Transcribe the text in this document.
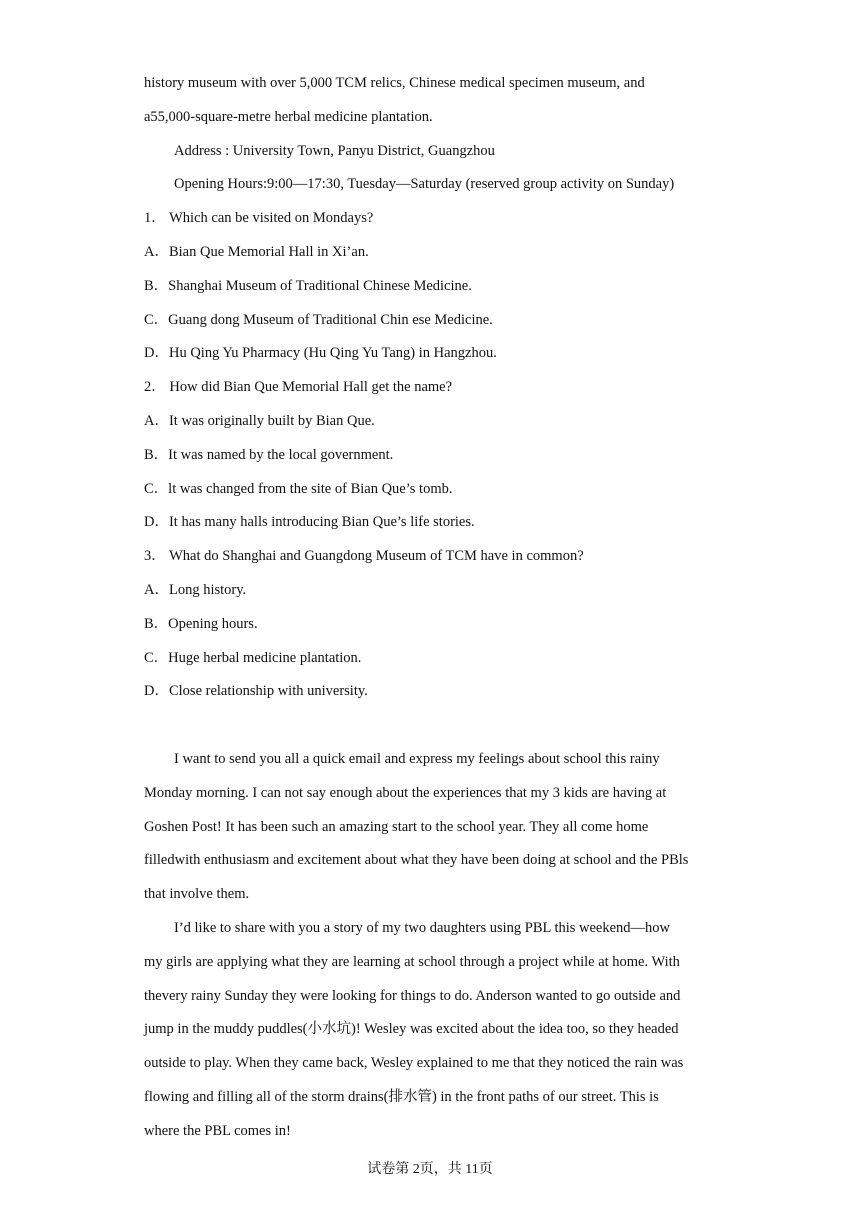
history museum with over 5,000 TCM relics, Chinese medical specimen museum, and
a55,000-square-metre herbal medicine plantation.
Address : University Town, Panyu District, Guangzhou
Opening Hours:9:00—17:30, Tuesday—Saturday (reserved group activity on Sunday)
1． Which can be visited on Mondays?
A．Bian Que Memorial Hall in Xi’an.
B．Shanghai Museum of Traditional Chinese Medicine.
C．Guang dong Museum of Traditional Chin ese Medicine.
D．Hu Qing Yu Pharmacy (Hu Qing Yu Tang) in Hangzhou.
2． How did Bian Que Memorial Hall get the name?
A．It was originally built by Bian Que.
B．It was named by the local government.
C．lt was changed from the site of Bian Que’s tomb.
D．It has many halls introducing Bian Que’s life stories.
3． What do Shanghai and Guangdong Museum of TCM have in common?
A．Long history.
B．Opening hours.
C．Huge herbal medicine plantation.
D．Close relationship with university.
I want to send you all a quick email and express my feelings about school this rainy
Monday morning. I can not say enough about the experiences that my 3 kids are having at
Goshen Post! It has been such an amazing start to the school year. They all come home
filledwith enthusiasm and excitement about what they have been doing at school and the PBls
that involve them.
I’d like to share with you a story of my two daughters using PBL this weekend—how
my girls are applying what they are learning at school through a project while at home. With
thevery rainy Sunday they were looking for things to do. Anderson wanted to go outside and
jump in the muddy puddles(小水坑)! Wesley was excited about the idea too, so they headed
outside to play. When they came back, Wesley explained to me that they noticed the rain was
flowing and filling all of the storm drains(排水管) in the front paths of our street. This is
where the PBL comes in!
试卷第 2页，共 11页
